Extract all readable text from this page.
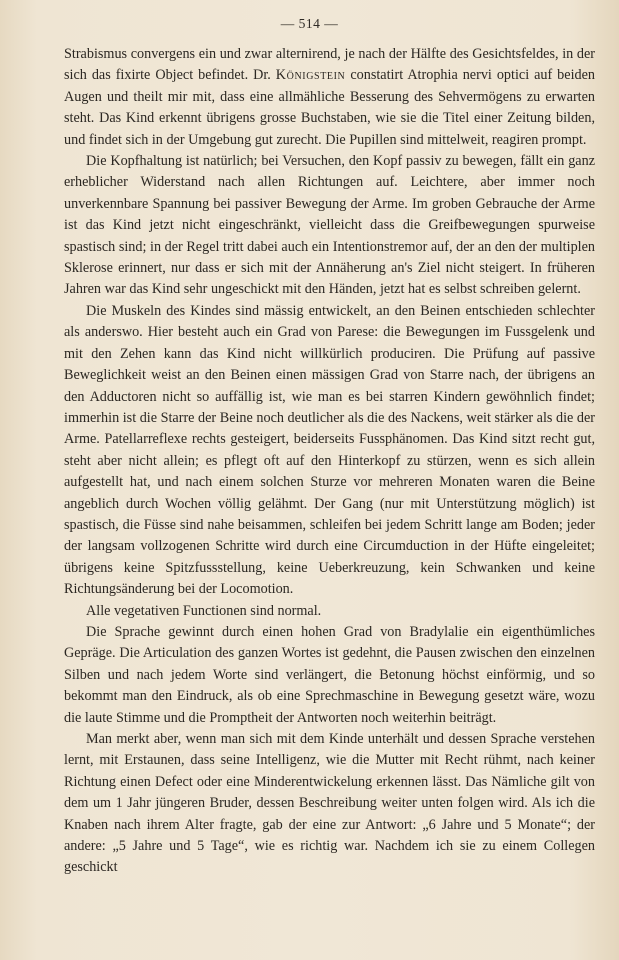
— 514 —

Strabismus convergens ein und zwar alternirend, je nach der Hälfte des Gesichtsfeldes, in der sich das fixirte Object befindet. Dr. Königstein constatirt Atrophia nervi optici auf beiden Augen und theilt mir mit, dass eine allmähliche Besserung des Sehvermögens zu erwarten steht. Das Kind erkennt übrigens grosse Buchstaben, wie sie die Titel einer Zeitung bilden, und findet sich in der Umgebung gut zurecht. Die Pupillen sind mittelweit, reagiren prompt.

Die Kopfhaltung ist natürlich; bei Versuchen, den Kopf passiv zu bewegen, fällt ein ganz erheblicher Widerstand nach allen Richtungen auf. Leichtere, aber immer noch unverkennbare Spannung bei passiver Bewegung der Arme. Im groben Gebrauche der Arme ist das Kind jetzt nicht eingeschränkt, vielleicht dass die Greifbewegungen spurweise spastisch sind; in der Regel tritt dabei auch ein Intentionstremor auf, der an den der multiplen Sklerose erinnert, nur dass er sich mit der Annäherung an's Ziel nicht steigert. In früheren Jahren war das Kind sehr ungeschickt mit den Händen, jetzt hat es selbst schreiben gelernt.

Die Muskeln des Kindes sind mässig entwickelt, an den Beinen entschieden schlechter als anderswo. Hier besteht auch ein Grad von Parese: die Bewegungen im Fussgelenk und mit den Zehen kann das Kind nicht willkürlich produciren. Die Prüfung auf passive Beweglichkeit weist an den Beinen einen mässigen Grad von Starre nach, der übrigens an den Adductoren nicht so auffällig ist, wie man es bei starren Kindern gewöhnlich findet; immerhin ist die Starre der Beine noch deutlicher als die des Nackens, weit stärker als die der Arme. Patellarreflexe rechts gesteigert, beiderseits Fussphänomen. Das Kind sitzt recht gut, steht aber nicht allein; es pflegt oft auf den Hinterkopf zu stürzen, wenn es sich allein aufgestellt hat, und nach einem solchen Sturze vor mehreren Monaten waren die Beine angeblich durch Wochen völlig gelähmt. Der Gang (nur mit Unterstützung möglich) ist spastisch, die Füsse sind nahe beisammen, schleifen bei jedem Schritt lange am Boden; jeder der langsam vollzogenen Schritte wird durch eine Circumduction in der Hüfte eingeleitet; übrigens keine Spitzfussstellung, keine Ueberkreuzung, kein Schwanken und keine Richtungsänderung bei der Locomotion.

Alle vegetativen Functionen sind normal.

Die Sprache gewinnt durch einen hohen Grad von Bradylalie ein eigenthümliches Gepräge. Die Articulation des ganzen Wortes ist gedehnt, die Pausen zwischen den einzelnen Silben und nach jedem Worte sind verlängert, die Betonung höchst einförmig, und so bekommt man den Eindruck, als ob eine Sprechmaschine in Bewegung gesetzt wäre, wozu die laute Stimme und die Promptheit der Antworten noch weiterhin beiträgt.

Man merkt aber, wenn man sich mit dem Kinde unterhält und dessen Sprache verstehen lernt, mit Erstaunen, dass seine Intelligenz, wie die Mutter mit Recht rühmt, nach keiner Richtung einen Defect oder eine Minderentwickelung erkennen lässt. Das Nämliche gilt von dem um 1 Jahr jüngeren Bruder, dessen Beschreibung weiter unten folgen wird. Als ich die Knaben nach ihrem Alter fragte, gab der eine zur Antwort: „6 Jahre und 5 Monate“; der andere: „5 Jahre und 5 Tage“, wie es richtig war. Nachdem ich sie zu einem Collegen geschickt
